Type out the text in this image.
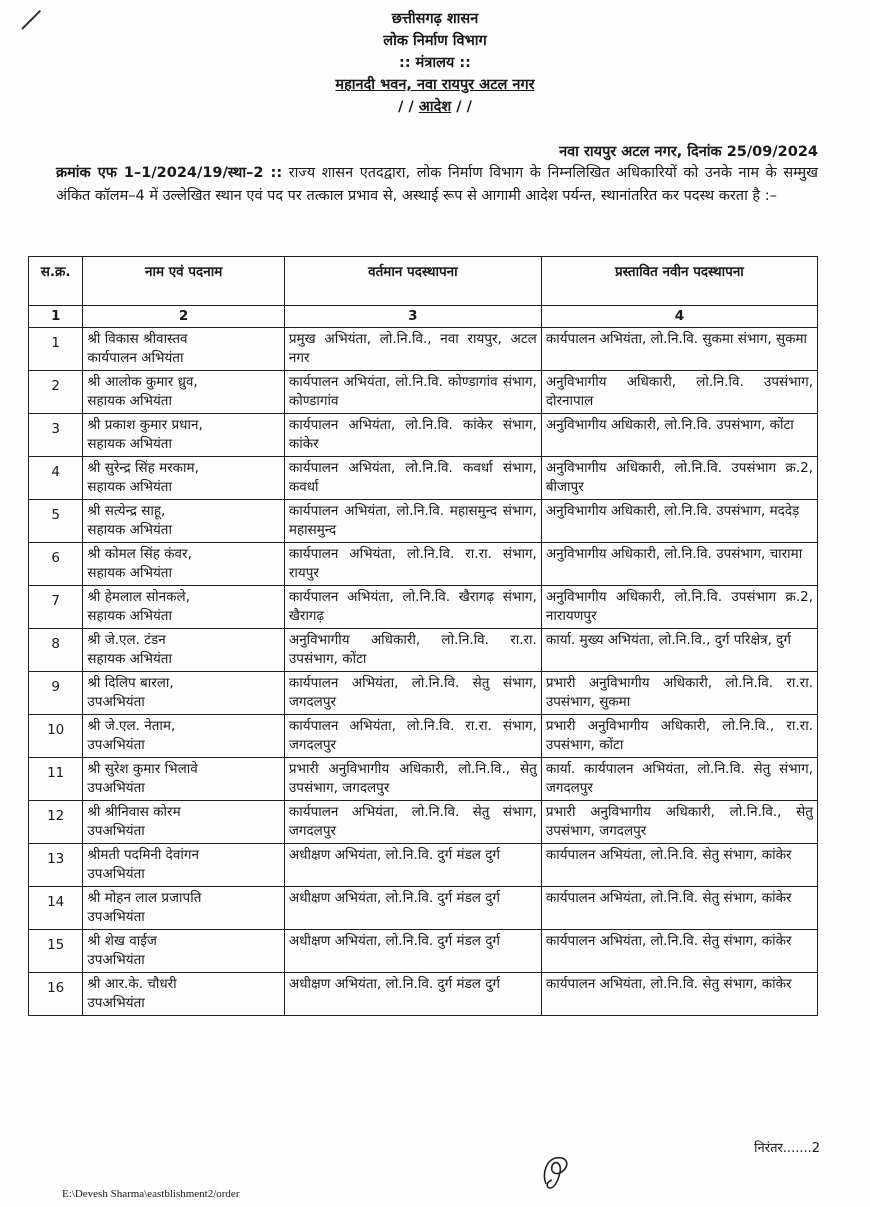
छत्तीसगढ़ शासन
लोक निर्माण विभाग
:: मंत्रालय ::
महानदी भवन, नवा रायपुर अटल नगर
/ / आदेश / /
नवा रायपुर अटल नगर, दिनांक 25/09/2024
क्रमांक एफ 1–1/2024/19/स्था–2 :: राज्य शासन एतदद्वारा, लोक निर्माण विभाग के निम्नलिखित अधिकारियों को उनके नाम के सम्मुख अंकित कॉलम–4 में उल्लेखित स्थान एवं पद पर तत्काल प्रभाव से, अस्थाई रूप से आगामी आदेश पर्यन्त, स्थानांतरित कर पदस्थ करता है :–
स.क्र.	नाम एवं पदनाम	वर्तमान पदस्थापना	प्रस्तावित नवीन पदस्थापना
1	2	3	4
1	श्री विकास श्रीवास्तव
कार्यपालन अभियंता	प्रमुख अभियंता, लो.नि.वि., नवा रायपुर, अटल नगर	कार्यपालन अभियंता, लो.नि.वि. सुकमा संभाग, सुकमा
2	श्री आलोक कुमार ध्रुव,
सहायक अभियंता	कार्यपालन अभियंता, लो.नि.वि. कोण्डागांव संभाग, कोण्डागांव	अनुविभागीय अधिकारी, लो.नि.वि. उपसंभाग, दोरनापाल
3	श्री प्रकाश कुमार प्रधान,
सहायक अभियंता	कार्यपालन अभियंता, लो.नि.वि. कांकेर संभाग, कांकेर	अनुविभागीय अधिकारी, लो.नि.वि. उपसंभाग, कोंटा
4	श्री सुरेन्द्र सिंह मरकाम,
सहायक अभियंता	कार्यपालन अभियंता, लो.नि.वि. कवर्धा संभाग, कवर्धा	अनुविभागीय अधिकारी, लो.नि.वि. उपसंभाग क्र.2, बीजापुर
5	श्री सत्येन्द्र साहू,
सहायक अभियंता	कार्यपालन अभियंता, लो.नि.वि. महासमुन्द संभाग, महासमुन्द	अनुविभागीय अधिकारी, लो.नि.वि. उपसंभाग, मददेड़
6	श्री कोमल सिंह कंवर,
सहायक अभियंता	कार्यपालन अभियंता, लो.नि.वि. रा.रा. संभाग, रायपुर	अनुविभागीय अधिकारी, लो.नि.वि. उपसंभाग, चारामा
7	श्री हेमलाल सोनकले,
सहायक अभियंता	कार्यपालन अभियंता, लो.नि.वि. खैरागढ़ संभाग, खैरागढ़	अनुविभागीय अधिकारी, लो.नि.वि. उपसंभाग क्र.2, नारायणपुर
8	श्री जे.एल. टंडन
सहायक अभियंता	अनुविभागीय अधिकारी, लो.नि.वि. रा.रा. उपसंभाग, कोंटा	कार्या. मुख्य अभियंता, लो.नि.वि., दुर्ग परिक्षेत्र, दुर्ग
9	श्री दिलिप बारला,
उपअभियंता	कार्यपालन अभियंता, लो.नि.वि. सेतु संभाग, जगदलपुर	प्रभारी अनुविभागीय अधिकारी, लो.नि.वि. रा.रा. उपसंभाग, सुकमा
10	श्री जे.एल. नेताम,
उपअभियंता	कार्यपालन अभियंता, लो.नि.वि. रा.रा. संभाग, जगदलपुर	प्रभारी अनुविभागीय अधिकारी, लो.नि.वि., रा.रा. उपसंभाग, कोंटा
11	श्री सुरेश कुमार भिलावे
उपअभियंता	प्रभारी अनुविभागीय अधिकारी, लो.नि.वि., सेतु उपसंभाग, जगदलपुर	कार्या. कार्यपालन अभियंता, लो.नि.वि. सेतु संभाग, जगदलपुर
12	श्री श्रीनिवास कोरम
उपअभियंता	कार्यपालन अभियंता, लो.नि.वि. सेतु संभाग, जगदलपुर	प्रभारी अनुविभागीय अधिकारी, लो.नि.वि., सेतु उपसंभाग, जगदलपुर
13	श्रीमती पदमिनी देवांगन
उपअभियंता	अधीक्षण अभियंता, लो.नि.वि. दुर्ग मंडल दुर्ग	कार्यपालन अभियंता, लो.नि.वि. सेतु संभाग, कांकेर
14	श्री मोहन लाल प्रजापति
उपअभियंता	अधीक्षण अभियंता, लो.नि.वि. दुर्ग मंडल दुर्ग	कार्यपालन अभियंता, लो.नि.वि. सेतु संभाग, कांकेर
15	श्री शेख वाईज
उपअभियंता	अधीक्षण अभियंता, लो.नि.वि. दुर्ग मंडल दुर्ग	कार्यपालन अभियंता, लो.नि.वि. सेतु संभाग, कांकेर
16	श्री आर.के. चौधरी
उपअभियंता	अधीक्षण अभियंता, लो.नि.वि. दुर्ग मंडल दुर्ग	कार्यपालन अभियंता, लो.नि.वि. सेतु संभाग, कांकेर
निरंतर.......2
E:\Devesh Sharma\eastblishment2/order
